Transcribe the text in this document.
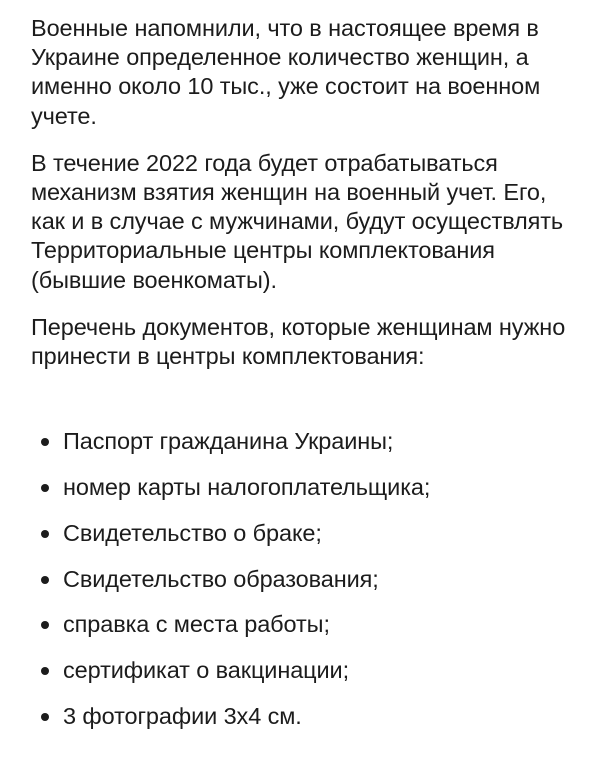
Военные напомнили, что в настоящее время в Украине определенное количество женщин, а именно около 10 тыс., уже состоит на военном учете.

В течение 2022 года будет отрабатываться механизм взятия женщин на военный учет. Его, как и в случае с мужчинами, будут осуществлять Территориальные центры комплектования (бывшие военкоматы).

Перечень документов, которые женщинам нужно принести в центры комплектования:

Паспорт гражданина Украины;
номер карты налогоплательщика;
Свидетельство о браке;
Свидетельство образования;
справка с места работы;
сертификат о вакцинации;
3 фотографии 3х4 см.
